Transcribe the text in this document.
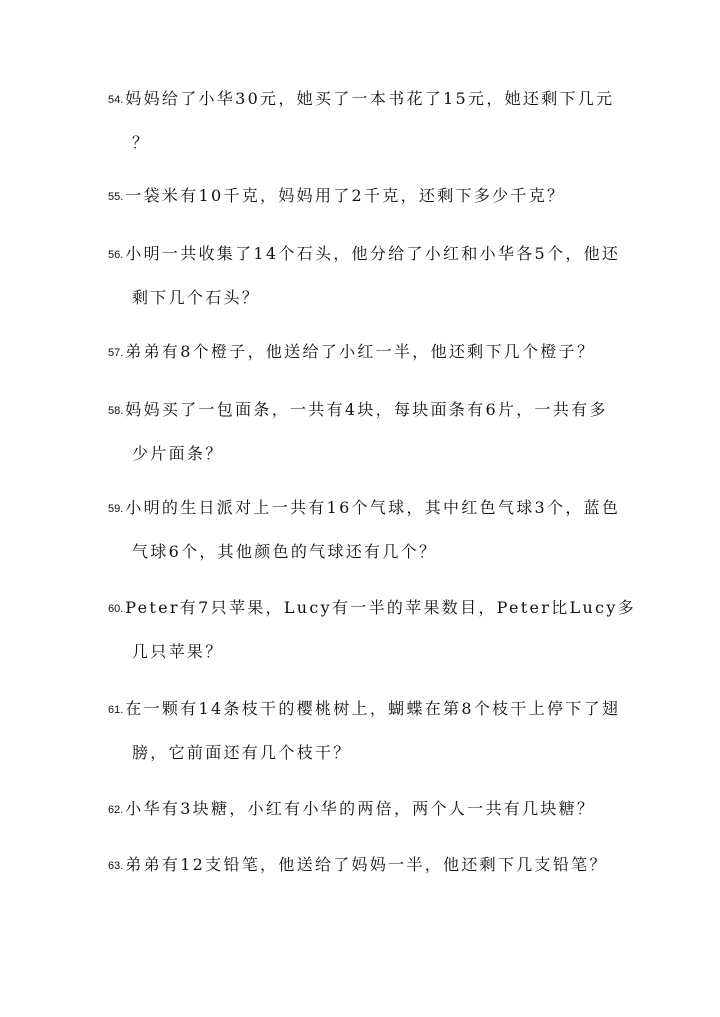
54. 妈妈给了小华30元，她买了一本书花了15元，她还剩下几元
？
55. 一袋米有10千克，妈妈用了2千克，还剩下多少千克？
56. 小明一共收集了14个石头，他分给了小红和小华各5个，他还
剩下几个石头？
57. 弟弟有8个橙子，他送给了小红一半，他还剩下几个橙子？
58. 妈妈买了一包面条，一共有4块，每块面条有6片，一共有多
少片面条？
59. 小明的生日派对上一共有16个气球，其中红色气球3个，蓝色
气球6个，其他颜色的气球还有几个？
60. Peter有7只苹果，Lucy有一半的苹果数目，Peter比Lucy多
几只苹果？
61. 在一颗有14条枝干的樱桃树上，蝴蝶在第8个枝干上停下了翅
膀，它前面还有几个枝干？
62. 小华有3块糖，小红有小华的两倍，两个人一共有几块糖？
63. 弟弟有12支铅笔，他送给了妈妈一半，他还剩下几支铅笔？
